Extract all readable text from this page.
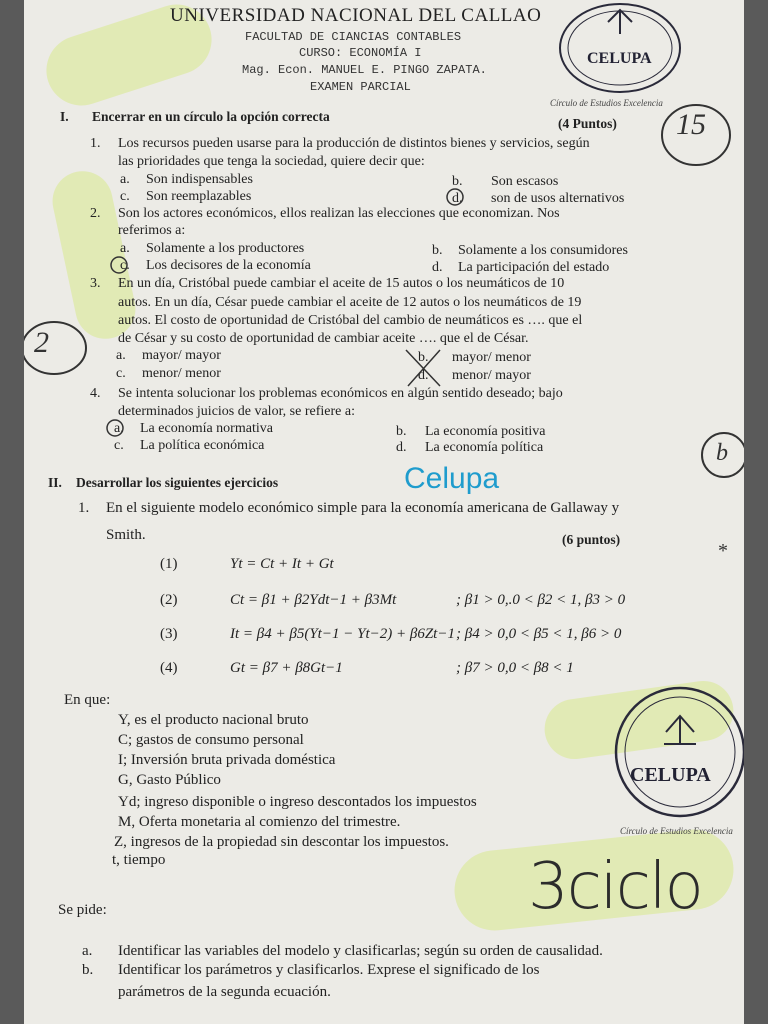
UNIVERSIDAD NACIONAL DEL CALLAO
FACULTAD DE CIANCIAS CONTABLES
CURSO: ECONOMÍA I
Mag. Econ. MANUEL E. PINGO ZAPATA.
EXAMEN PARCIAL
CELUPA
Círculo de Estudios Excelencia
15
I. Encerrar en un círculo la opción correcta	(4 Puntos)
1. Los recursos pueden usarse para la producción de distintos bienes y servicios, según
las prioridades que tenga la sociedad, quiere decir que:
a. Son indispensables	b. Son escasos
c. Son reemplazables	d. son de usos alternativos
2. Son los actores económicos, ellos realizan las elecciones que economizan. Nos
referimos a:
a. Solamente a los productores	b. Solamente a los consumidores
c. Los decisores de la economía	d. La participación del estado
3. En un día, Cristóbal puede cambiar el aceite de 15 autos o los neumáticos de 10
autos. En un día, César puede cambiar el aceite de 12 autos o los neumáticos de 19
autos. El costo de oportunidad de Cristóbal del cambio de neumáticos es …. que el
de César y su costo de oportunidad de cambiar aceite …. que el de César.
a. mayor/ mayor	b. mayor/ menor
c. menor/ menor	d. menor/ mayor
2
4. Se intenta solucionar los problemas económicos en algún sentido deseado; bajo
determinados juicios de valor, se refiere a:
a. La economía normativa	b. La economía positiva
c. La política económica	d. La economía política	b
II. Desarrollar los siguientes ejercicios	Celupa
1. En el siguiente modelo económico simple para la economía americana de Gallaway y
Smith.	(6 puntos)
*
(1)	Yt = Ct + It + Gt
(2)	Ct = β1 + β2Ydt−1 + β3Mt	; β1 > 0,.0 < β2 < 1, β3 > 0
(3)	It = β4 + β5(Yt−1 − Yt−2) + β6Zt−1 ; β4 > 0,0 < β5 < 1, β6 > 0
(4)	Gt = β7 + β8Gt−1	; β7 > 0,0 < β8 < 1
En que:
Y, es el producto nacional bruto
C; gastos de consumo personal
I; Inversión bruta privada doméstica
G, Gasto Público
Yd; ingreso disponible o ingreso descontados los impuestos
M, Oferta monetaria al comienzo del trimestre.
Z, ingresos de la propiedad sin descontar los impuestos.
t, tiempo
CELUPA
Círculo de Estudios Excelencia
3ciclo
Se pide:
a. Identificar las variables del modelo y clasificarlas; según su orden de causalidad.
b. Identificar los parámetros y clasificarlos. Exprese el significado de los
parámetros de la segunda ecuación.
